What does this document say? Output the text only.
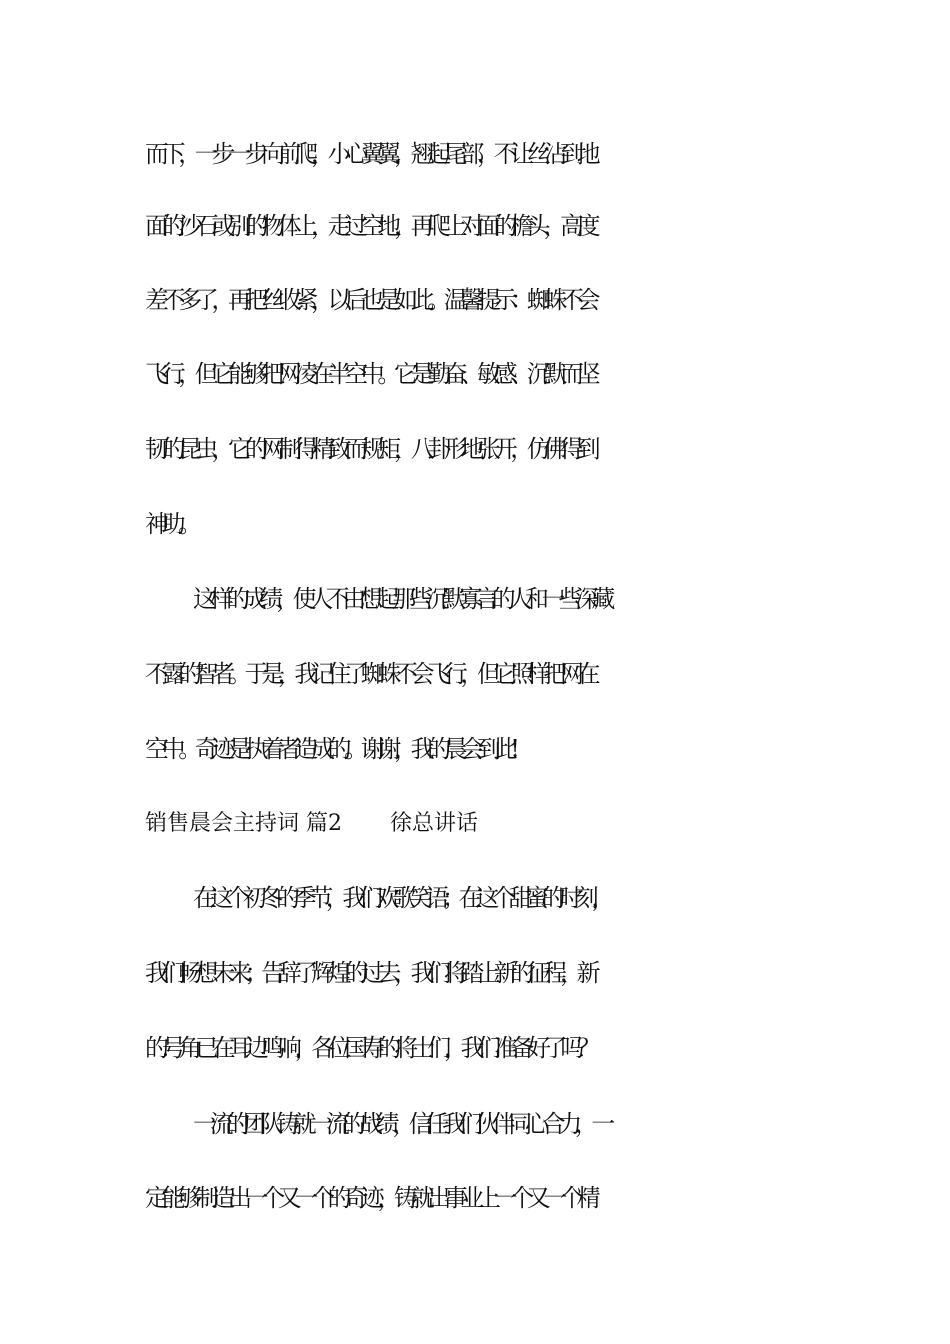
而下，一步一步向前爬，小心翼翼，翘起尾部，不让丝沾到地
面的沙石或别的物体上，走过空地，再爬上对面的檐头，高度
差不多了，再把丝收紧，以后也是如此。温馨提示：蜘蛛不会
飞行，但它能够把网凌在半空中。它是勤奋、敏感、沉默而坚
韧的昆虫，它的网制得精致而规矩，八卦形地张开，仿佛得到
神助。
这样的成绩，使人不由想起那些沉默寡言的人和一些深藏
不露的智者。于是，我记住了蜘蛛不会飞行，但它照样把网在
空中。奇迹是执着者造成的。谢谢，我的晨会到此!
销售晨会主持词 篇2 徐总讲话
在这个初冬的季节，我们欢歌笑语；在这个甜蜜的时刻，
我们畅想未来；告辞了辉煌的过去，我们将踏上新的征程，新
的.号角已在耳边鸣响，各位国寿的将士们，我们准备好了吗？
一流的团队铸就一流的战绩，信任我们伙伴同心合力，一
定能够制造出一个又一个的奇迹，铸就出事业上一个又一个精
